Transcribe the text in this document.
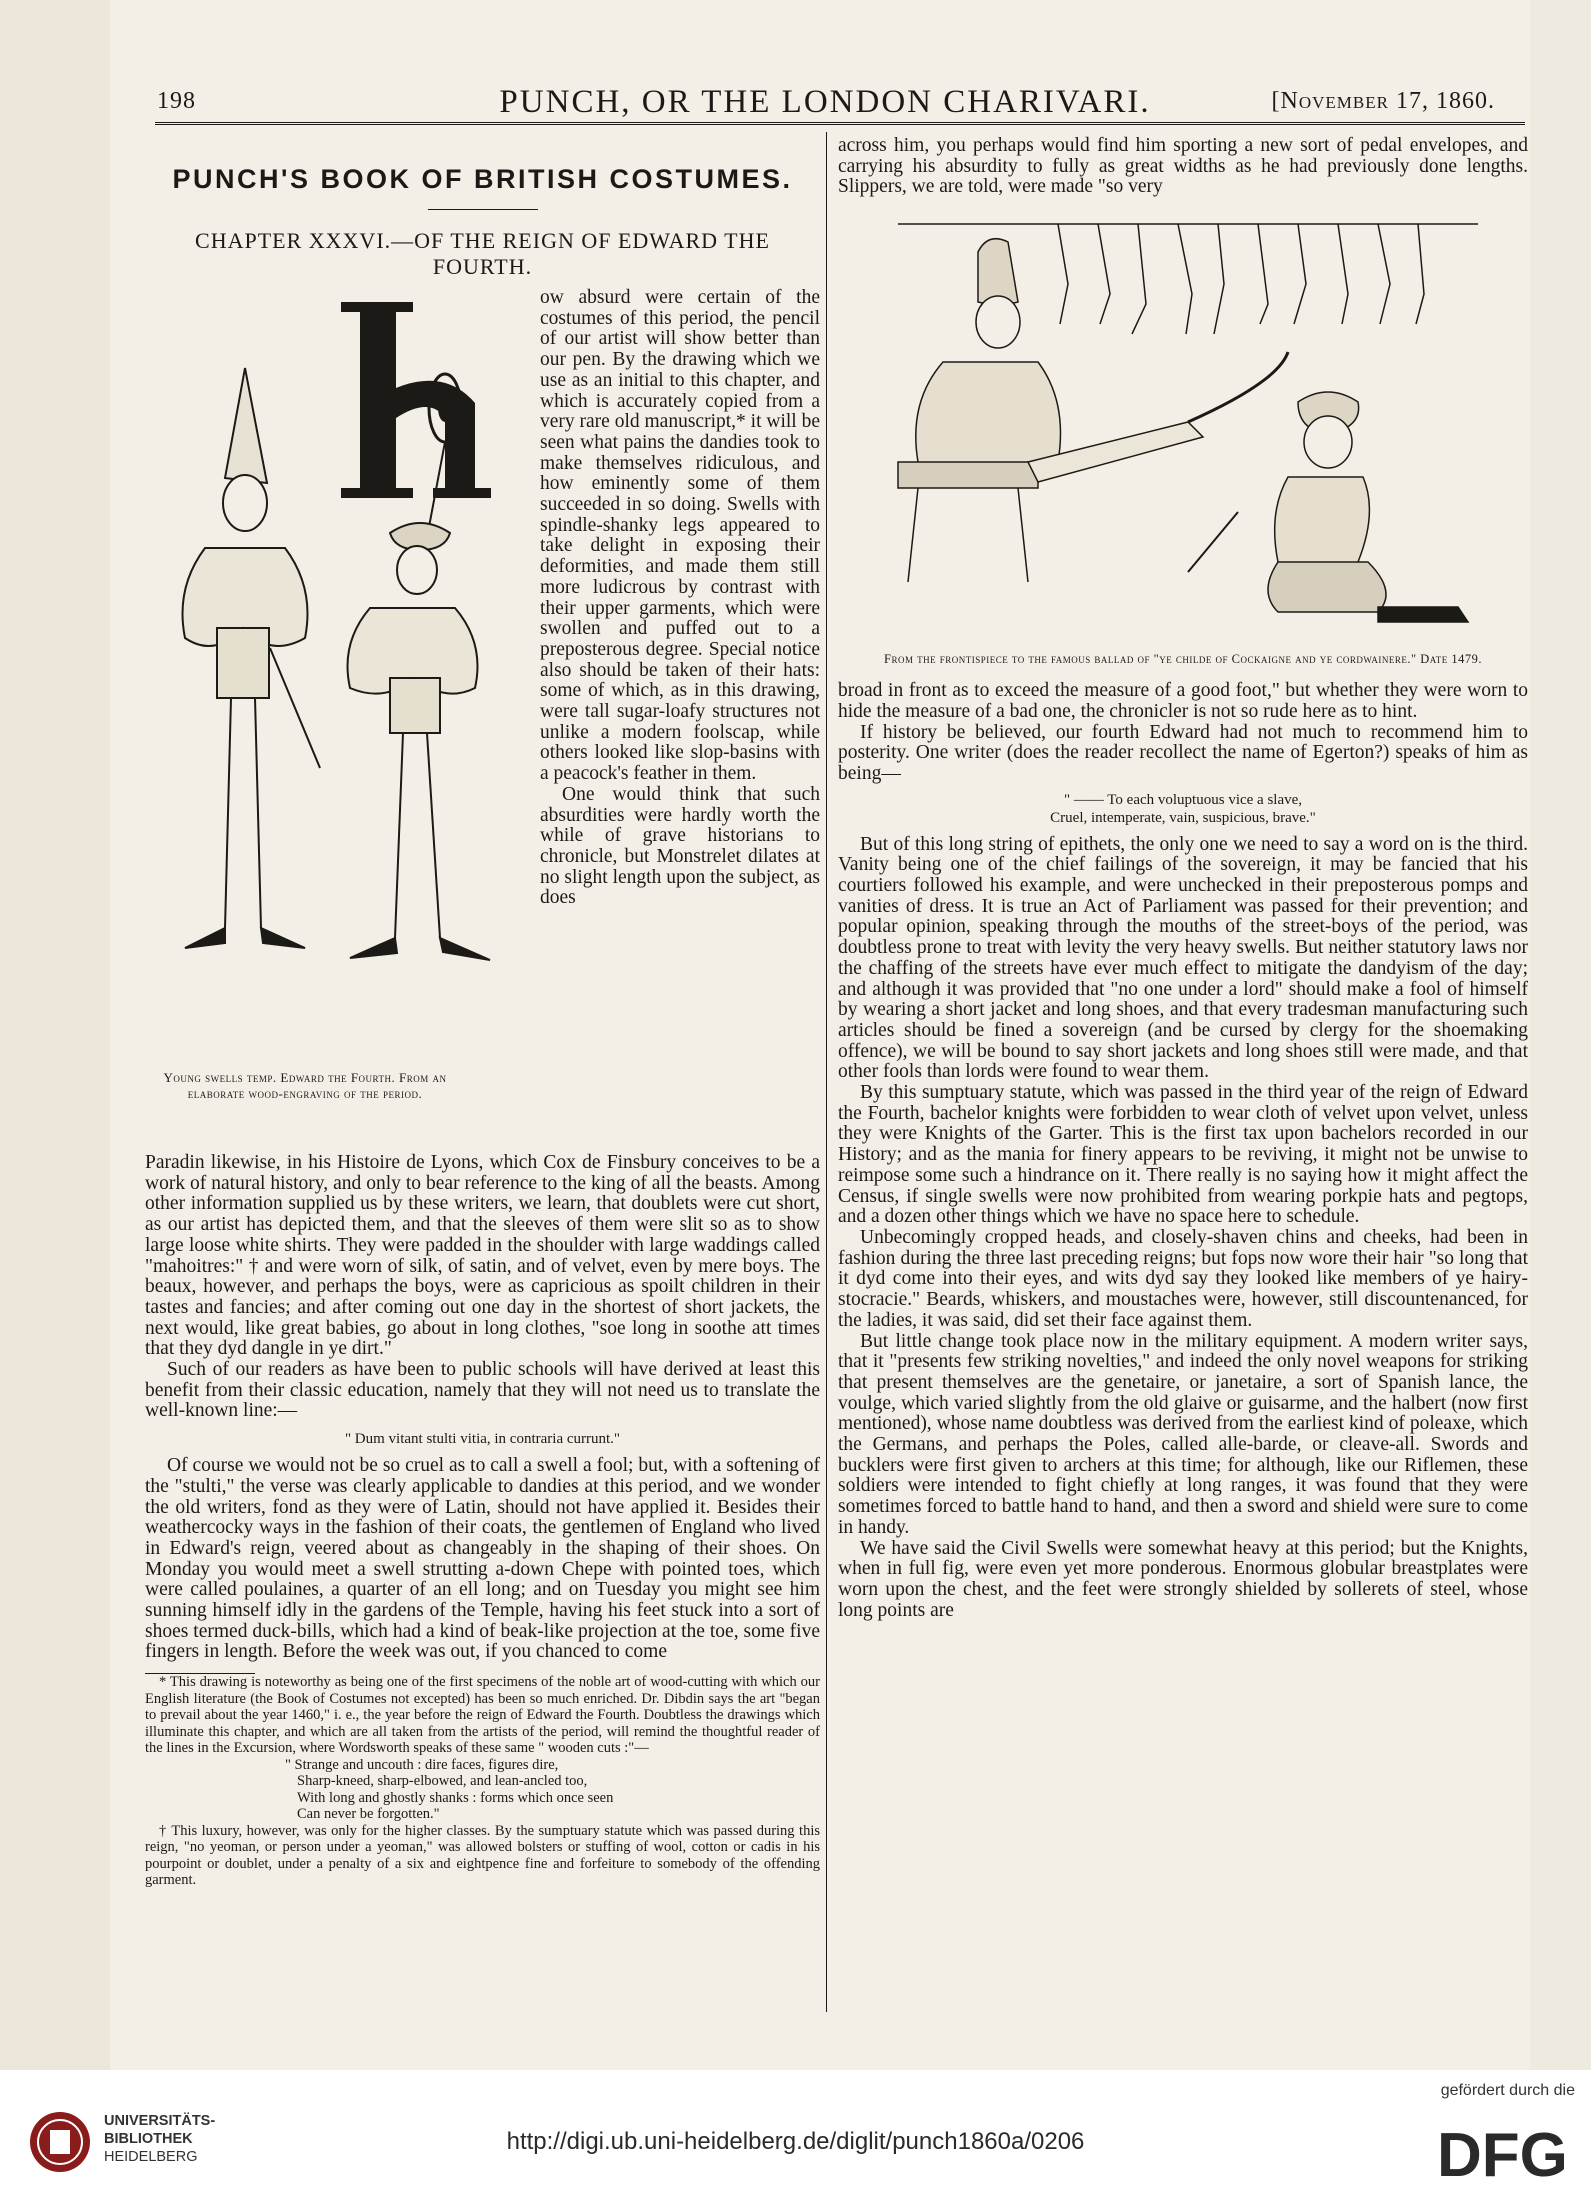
198	PUNCH, OR THE LONDON CHARIVARI.	[November 17, 1860.
PUNCH'S BOOK OF BRITISH COSTUMES.
CHAPTER XXXVI.—OF THE REIGN OF EDWARD THE FOURTH.
N	ow absurd were certain of the costumes of this period, the pencil of our artist will show better than our pen. By the drawing which we use as an initial to this chapter, and which is accurately copied from a very rare old manuscript,* it will be seen what pains the dandies took to make themselves ridiculous, and how eminently some of them succeeded in so doing. Swells with spindle-shanky legs appeared to take delight in exposing their deformities, and made them still more ludicrous by contrast with their upper garments, which were swollen and puffed out to a preposterous degree. Special notice also should be taken of their hats: some of which, as in this drawing, were tall sugar-loafy structures not unlike a modern foolscap, while others looked like slop-basins with a peacock's feather in them.

One would think that such absurdities were hardly worth the while of grave historians to chronicle, but Monstrelet dilates at no slight length upon the subject, as does

Young swells temp. Edward the Fourth. From an elaborate wood-engraving of the period.

Paradin likewise, in his Histoire de Lyons, which Cox de Finsbury conceives to be a work of natural history, and only to bear reference to the king of all the beasts. Among other information supplied us by these writers, we learn, that doublets were cut short, as our artist has depicted them, and that the sleeves of them were slit so as to show large loose white shirts. They were padded in the shoulder with large waddings called "mahoitres:" † and were worn of silk, of satin, and of velvet, even by mere boys. The beaux, however, and perhaps the boys, were as capricious as spoilt children in their tastes and fancies; and after coming out one day in the shortest of short jackets, the next would, like great babies, go about in long clothes, "soe long in soothe att times that they dyd dangle in ye dirt."

Such of our readers as have been to public schools will have derived at least this benefit from their classic education, namely that they will not need us to translate the well-known line:—

" Dum vitant stulti vitia, in contraria currunt."

Of course we would not be so cruel as to call a swell a fool; but, with a softening of the "stulti," the verse was clearly applicable to dandies at this period, and we wonder the old writers, fond as they were of Latin, should not have applied it. Besides their weathercocky ways in the fashion of their coats, the gentlemen of England who lived in Edward's reign, veered about as changeably in the shaping of their shoes. On Monday you would meet a swell strutting a-down Chepe with pointed toes, which were called poulaines, a quarter of an ell long; and on Tuesday you might see him sunning himself idly in the gardens of the Temple, having his feet stuck into a sort of shoes termed duck-bills, which had a kind of beak-like projection at the toe, some five fingers in length. Before the week was out, if you chanced to come

* This drawing is noteworthy as being one of the first specimens of the noble art of wood-cutting with which our English literature (the Book of Costumes not excepted) has been so much enriched. Dr. Dibdin says the art "began to prevail about the year 1460," i. e., the year before the reign of Edward the Fourth. Doubtless the drawings which illuminate this chapter, and which are all taken from the artists of the period, will remind the thoughtful reader of the lines in the Excursion, where Wordsworth speaks of these same " wooden cuts :"—

" Strange and uncouth : dire faces, figures dire,
Sharp-kneed, sharp-elbowed, and lean-ancled too,
With long and ghostly shanks : forms which once seen
Can never be forgotten."

† This luxury, however, was only for the higher classes. By the sumptuary statute which was passed during this reign, "no yeoman, or person under a yeoman," was allowed bolsters or stuffing of wool, cotton or cadis in his pourpoint or doublet, under a penalty of a six and eightpence fine and forfeiture to somebody of the offending garment.

across him, you perhaps would find him sporting a new sort of pedal envelopes, and carrying his absurdity to fully as great widths as he had previously done lengths. Slippers, we are told, were made "so very

From the frontispiece to the famous ballad of "ye childe of Cockaigne and ye cordwainere." Date 1479.

broad in front as to exceed the measure of a good foot," but whether they were worn to hide the measure of a bad one, the chronicler is not so rude here as to hint.

If history be believed, our fourth Edward had not much to recommend him to posterity. One writer (does the reader recollect the name of Egerton?) speaks of him as being—

" —— To each voluptuous vice a slave,
Cruel, intemperate, vain, suspicious, brave."

But of this long string of epithets, the only one we need to say a word on is the third. Vanity being one of the chief failings of the sovereign, it may be fancied that his courtiers followed his example, and were unchecked in their preposterous pomps and vanities of dress. It is true an Act of Parliament was passed for their prevention; and popular opinion, speaking through the mouths of the street-boys of the period, was doubtless prone to treat with levity the very heavy swells. But neither statutory laws nor the chaffing of the streets have ever much effect to mitigate the dandyism of the day; and although it was provided that "no one under a lord" should make a fool of himself by wearing a short jacket and long shoes, and that every tradesman manufacturing such articles should be fined a sovereign (and be cursed by clergy for the shoemaking offence), we will be bound to say short jackets and long shoes still were made, and that other fools than lords were found to wear them.

By this sumptuary statute, which was passed in the third year of the reign of Edward the Fourth, bachelor knights were forbidden to wear cloth of velvet upon velvet, unless they were Knights of the Garter. This is the first tax upon bachelors recorded in our History; and as the mania for finery appears to be reviving, it might not be unwise to reimpose some such a hindrance on it. There really is no saying how it might affect the Census, if single swells were now prohibited from wearing porkpie hats and pegtops, and a dozen other things which we have no space here to schedule.

Unbecomingly cropped heads, and closely-shaven chins and cheeks, had been in fashion during the three last preceding reigns; but fops now wore their hair "so long that it dyd come into their eyes, and wits dyd say they looked like members of ye hairy-stocracie." Beards, whiskers, and moustaches were, however, still discountenanced, for the ladies, it was said, did set their face against them.

But little change took place now in the military equipment. A modern writer says, that it "presents few striking novelties," and indeed the only novel weapons for striking that present themselves are the genetaire, or janetaire, a sort of Spanish lance, the voulge, which varied slightly from the old glaive or guisarme, and the halbert (now first mentioned), whose name doubtless was derived from the earliest kind of poleaxe, which the Germans, and perhaps the Poles, called alle-barde, or cleave-all. Swords and bucklers were first given to archers at this time; for although, like our Riflemen, these soldiers were intended to fight chiefly at long ranges, it was found that they were sometimes forced to battle hand to hand, and then a sword and shield were sure to come in handy.

We have said the Civil Swells were somewhat heavy at this period; but the Knights, when in full fig, were even yet more ponderous. Enormous globular breastplates were worn upon the chest, and the feet were strongly shielded by sollerets of steel, whose long points are

UNIVERSITÄTS-
BIBLIOTHEK
HEIDELBERG
http://digi.ub.uni-heidelberg.de/diglit/punch1860a/0206
gefördert durch die
DFG
